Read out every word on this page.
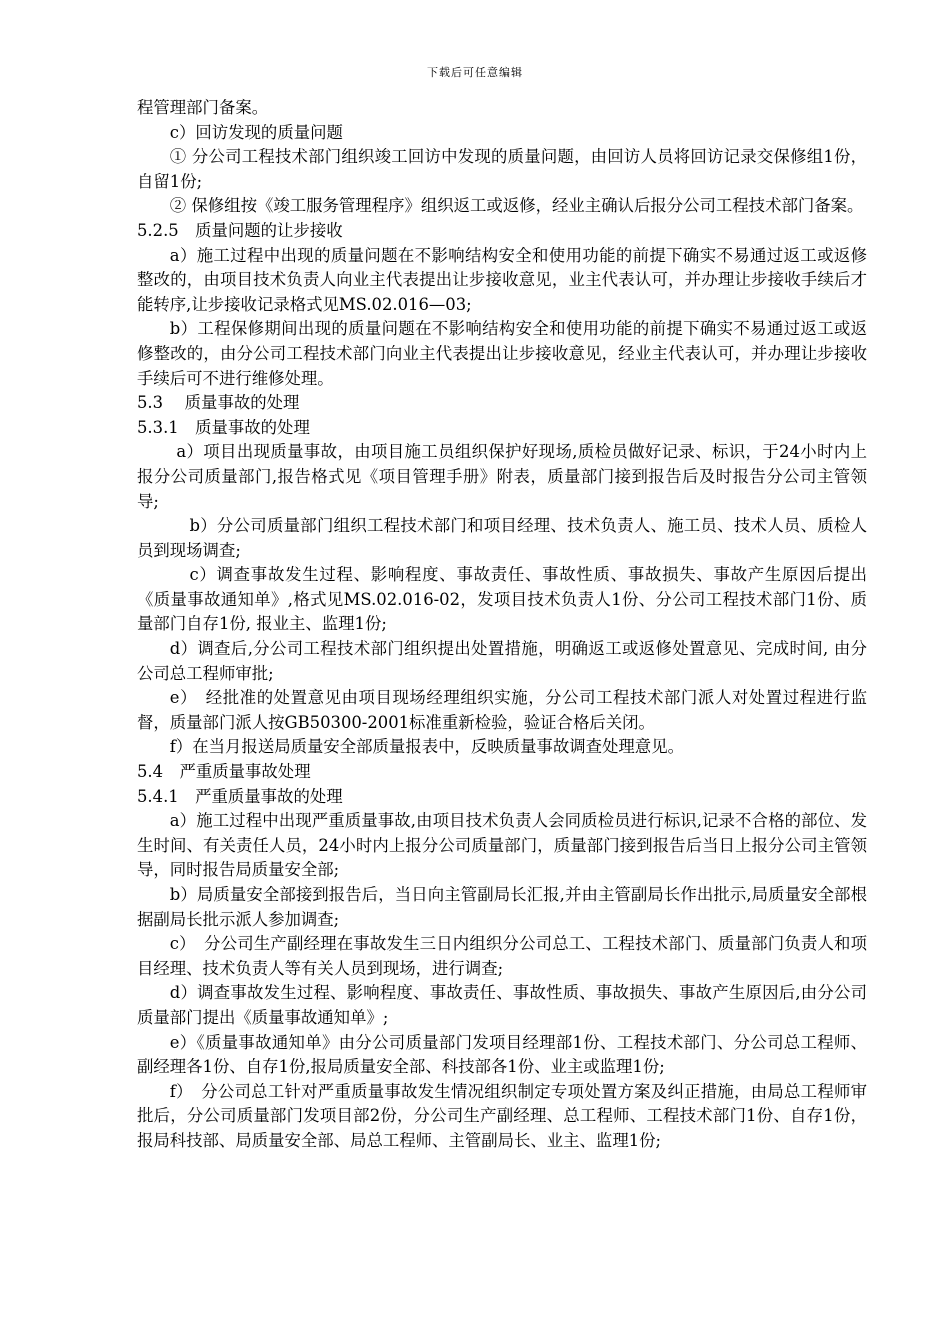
下载后可任意编辑

程管理部门备案。

c）回访发现的质量问题

① 分公司工程技术部门组织竣工回访中发现的质量问题，由回访人员将回访记录交保修组1份，自留1份;

② 保修组按《竣工服务管理程序》组织返工或返修，经业主确认后报分公司工程技术部门备案。

5.2.5　质量问题的让步接收

a）施工过程中出现的质量问题在不影响结构安全和使用功能的前提下确实不易通过返工或返修整改的，由项目技术负责人向业主代表提出让步接收意见，业主代表认可，并办理让步接收手续后才能转序,让步接收记录格式见MS.02.016—03;

b）工程保修期间出现的质量问题在不影响结构安全和使用功能的前提下确实不易通过返工或返修整改的，由分公司工程技术部门向业主代表提出让步接收意见，经业主代表认可，并办理让步接收手续后可不进行维修处理。

5.3　 质量事故的处理

5.3.1　质量事故的处理

a）项目出现质量事故，由项目施工员组织保护好现场,质检员做好记录、标识，于24小时内上报分公司质量部门,报告格式见《项目管理手册》附表，质量部门接到报告后及时报告分公司主管领导;

b）分公司质量部门组织工程技术部门和项目经理、技术负责人、施工员、技术人员、质检人员到现场调查;

c）调查事故发生过程、影响程度、事故责任、事故性质、事故损失、事故产生原因后提出《质量事故通知单》,格式见MS.02.016-02，发项目技术负责人1份、分公司工程技术部门1份、质量部门自存1份, 报业主、监理1份;

d）调查后,分公司工程技术部门组织提出处置措施，明确返工或返修处置意见、完成时间, 由分公司总工程师审批;

e）　经批准的处置意见由项目现场经理组织实施，分公司工程技术部门派人对处置过程进行监督，质量部门派人按GB50300-2001标准重新检验，验证合格后关闭。

f）在当月报送局质量安全部质量报表中，反映质量事故调查处理意见。

5.4　严重质量事故处理

5.4.1　严重质量事故的处理

a）施工过程中出现严重质量事故,由项目技术负责人会同质检员进行标识,记录不合格的部位、发生时间、有关责任人员，24小时内上报分公司质量部门，质量部门接到报告后当日上报分公司主管领导，同时报告局质量安全部;

b）局质量安全部接到报告后，当日向主管副局长汇报,并由主管副局长作出批示,局质量安全部根据副局长批示派人参加调查;

c）　分公司生产副经理在事故发生三日内组织分公司总工、工程技术部门、质量部门负责人和项目经理、技术负责人等有关人员到现场，进行调查;

d）调查事故发生过程、影响程度、事故责任、事故性质、事故损失、事故产生原因后,由分公司质量部门提出《质量事故通知单》;

e）《质量事故通知单》由分公司质量部门发项目经理部1份、工程技术部门、分公司总工程师、副经理各1份、自存1份,报局质量安全部、科技部各1份、业主或监理1份;

f）　分公司总工针对严重质量事故发生情况组织制定专项处置方案及纠正措施，由局总工程师审批后，分公司质量部门发项目部2份，分公司生产副经理、总工程师、工程技术部门1份、自存1份， 报局科技部、局质量安全部、局总工程师、主管副局长、业主、监理1份;
